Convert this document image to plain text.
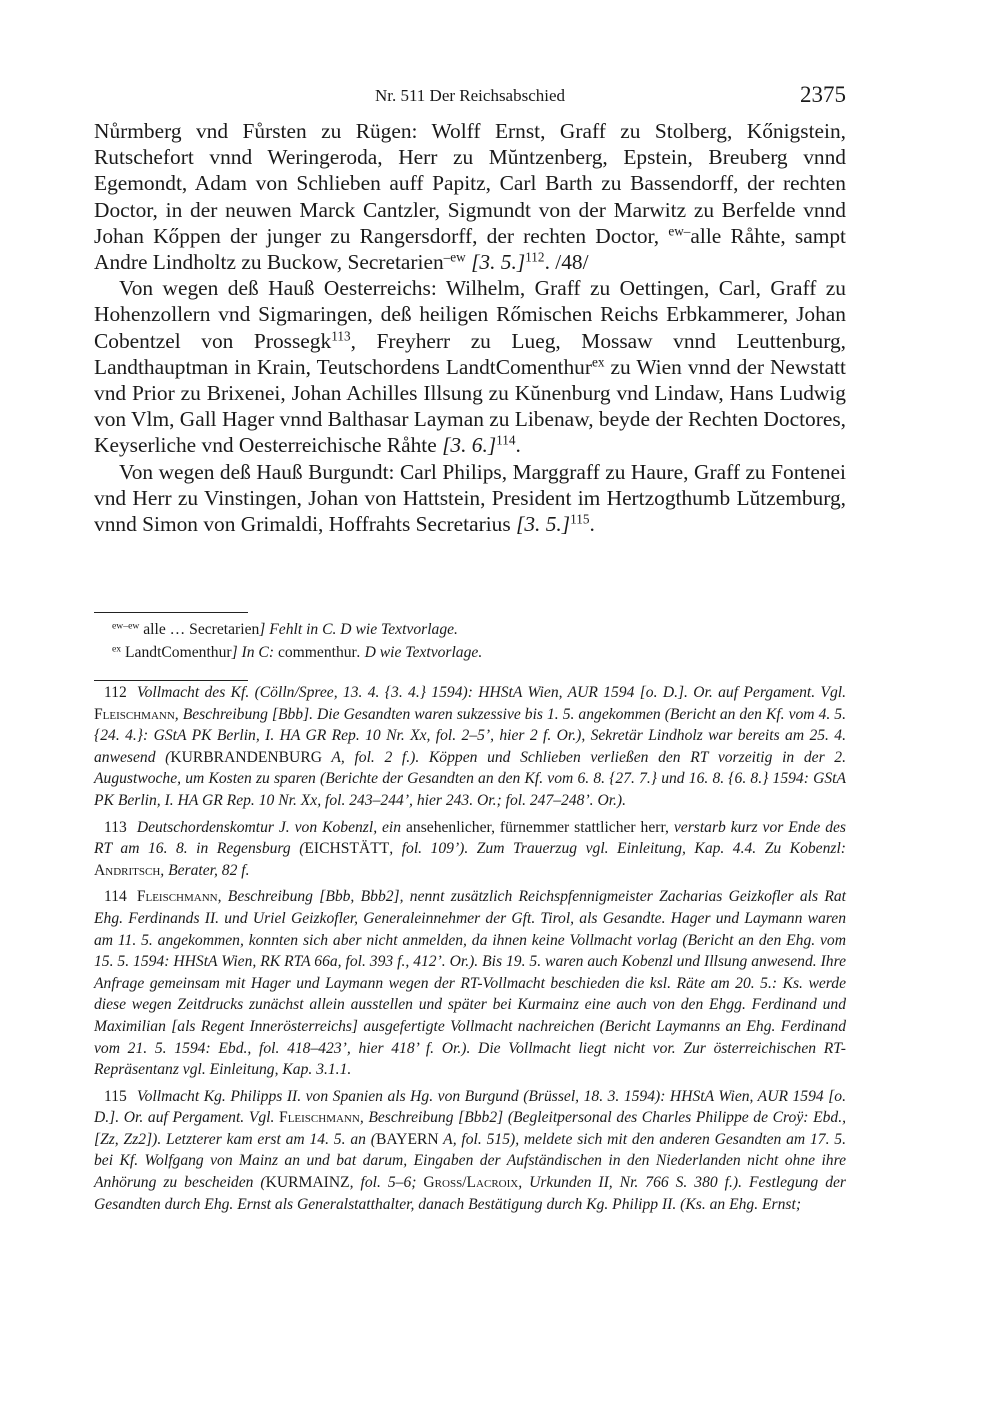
Nr. 511 Der Reichsabschied	2375

Nůrmberg vnd Fůrsten zu Rügen: Wolff Ernst, Graff zu Stolberg, Kőnigstein, Rutschefort vnnd Weringeroda, Herr zu Mŭntzenberg, Epstein, Breuberg vnnd Egemondt, Adam von Schlieben auff Papitz, Carl Barth zu Bassendorff, der rechten Doctor, in der neuwen Marck Cantzler, Sigmundt von der Marwitz zu Berfelde vnnd Johan Kőppen der junger zu Rangersdorff, der rechten Doctor, $^{ew-}$alle Råhte, sampt Andre Lindholtz zu Buckow, Secretarien$^{-ew}$ [3. 5.]$^{112}$. /48/

Von wegen deß Hauß Oesterreichs: Wilhelm, Graff zu Oettingen, Carl, Graff zu Hohenzollern vnd Sigmaringen, deß heiligen Rőmischen Reichs Erbkammerer, Johan Cobentzel von Prossegk$^{113}$, Freyherr zu Lueg, Mossaw vnnd Leuttenburg, Landthauptman in Krain, Teutschordens LandtComenthur$^{ex}$ zu Wien vnnd der Newstatt vnd Prior zu Brixenei, Johan Achilles Illsung zu Kŭnenburg vnd Lindaw, Hans Ludwig von Vlm, Gall Hager vnnd Balthasar Layman zu Libenaw, beyde der Rechten Doctores, Keyserliche vnd Oesterreichische Råhte [3. 6.]$^{114}$.

Von wegen deß Hauß Burgundt: Carl Philips, Marggraff zu Haure, Graff zu Fontenei vnd Herr zu Vinstingen, Johan von Hattstein, President im Hertzogthumb Lŭtzemburg, vnnd Simon von Grimaldi, Hoffrahts Secretarius [3. 5.]$^{115}$.

$^{ew-ew}$ alle … Secretarien] Fehlt in C. D wie Textvorlage.

$^{ex}$ LandtComenthur] In C: commenthur. D wie Textvorlage.

112 Vollmacht des Kf. (Cölln/Spree, 13. 4. {3. 4.} 1594): HHStA Wien, AUR 1594 [o. D.]. Or. auf Pergament. Vgl. Fleischmann, Beschreibung [Bbb]. Die Gesandten waren sukzessive bis 1. 5. angekommen (Bericht an den Kf. vom 4. 5. {24. 4.}: GStA PK Berlin, I. HA GR Rep. 10 Nr. Xx, fol. 2–5’, hier 2 f. Or.), Sekretär Lindholz war bereits am 25. 4. anwesend (KURBRANDENBURG A, fol. 2 f.). Köppen und Schlieben verließen den RT vorzeitig in der 2. Augustwoche, um Kosten zu sparen (Berichte der Gesandten an den Kf. vom 6. 8. {27. 7.} und 16. 8. {6. 8.} 1594: GStA PK Berlin, I. HA GR Rep. 10 Nr. Xx, fol. 243–244’, hier 243. Or.; fol. 247–248’. Or.).

113 Deutschordenskomtur J. von Kobenzl, ein ansehenlicher, fürnemmer stattlicher herr, verstarb kurz vor Ende des RT am 16. 8. in Regensburg (EICHSTÄTT, fol. 109’). Zum Trauerzug vgl. Einleitung, Kap. 4.4. Zu Kobenzl: Andritsch, Berater, 82 f.

114 Fleischmann, Beschreibung [Bbb, Bbb2], nennt zusätzlich Reichspfennigmeister Zacharias Geizkofler als Rat Ehg. Ferdinands II. und Uriel Geizkofler, Generaleinnehmer der Gft. Tirol, als Gesandte. Hager und Laymann waren am 11. 5. angekommen, konnten sich aber nicht anmelden, da ihnen keine Vollmacht vorlag (Bericht an den Ehg. vom 15. 5. 1594: HHStA Wien, RK RTA 66a, fol. 393 f., 412’. Or.). Bis 19. 5. waren auch Kobenzl und Illsung anwesend. Ihre Anfrage gemeinsam mit Hager und Laymann wegen der RT-Vollmacht beschieden die ksl. Räte am 20. 5.: Ks. werde diese wegen Zeitdrucks zunächst allein ausstellen und später bei Kurmainz eine auch von den Ehgg. Ferdinand und Maximilian [als Regent Innerösterreichs] ausgefertigte Vollmacht nachreichen (Bericht Laymanns an Ehg. Ferdinand vom 21. 5. 1594: Ebd., fol. 418–423’, hier 418’ f. Or.). Die Vollmacht liegt nicht vor. Zur österreichischen RT-Repräsentanz vgl. Einleitung, Kap. 3.1.1.

115 Vollmacht Kg. Philipps II. von Spanien als Hg. von Burgund (Brüssel, 18. 3. 1594): HHStA Wien, AUR 1594 [o. D.]. Or. auf Pergament. Vgl. Fleischmann, Beschreibung [Bbb2] (Begleitpersonal des Charles Philippe de Croÿ: Ebd., [Zz, Zz2]). Letzterer kam erst am 14. 5. an (BAYERN A, fol. 515), meldete sich mit den anderen Gesandten am 17. 5. bei Kf. Wolfgang von Mainz an und bat darum, Eingaben der Aufständischen in den Niederlanden nicht ohne ihre Anhörung zu bescheiden (KURMAINZ, fol. 5–6; Gross/Lacroix, Urkunden II, Nr. 766 S. 380 f.). Festlegung der Gesandten durch Ehg. Ernst als Generalstatthalter, danach Bestätigung durch Kg. Philipp II. (Ks. an Ehg. Ernst;
